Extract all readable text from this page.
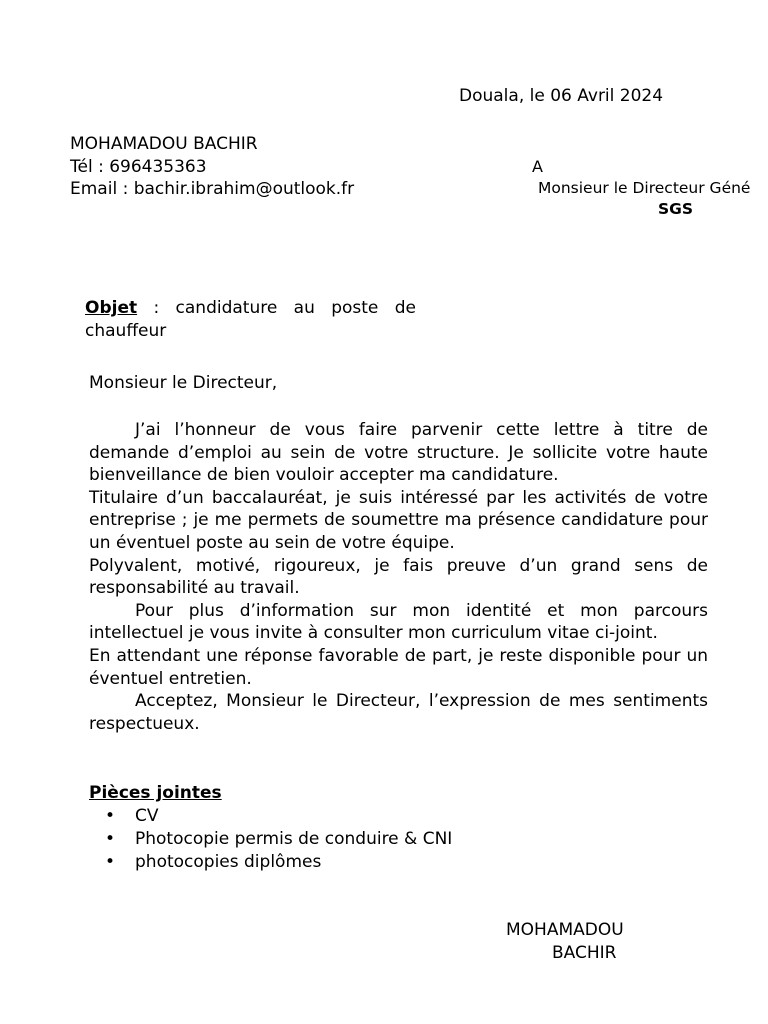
Douala, le 06 Avril 2024
MOHAMADOU BACHIR
Tél : 696435363
Email : bachir.ibrahim@outlook.fr
A
Monsieur le Directeur Géné
SGS
Objet : candidature au poste de chauffeur
Monsieur le Directeur,

J’ai l’honneur de vous faire parvenir cette lettre à titre de demande d’emploi au sein de votre structure. Je sollicite votre haute bienveillance de bien vouloir accepter ma candidature.

Titulaire d’un baccalauréat, je suis intéressé par les activités de votre entreprise ; je me permets de soumettre ma présence candidature pour un éventuel poste au sein de votre équipe.

Polyvalent, motivé, rigoureux, je fais preuve d’un grand sens de responsabilité au travail.

Pour plus d’information sur mon identité et mon parcours intellectuel je vous invite à consulter mon curriculum vitae ci-joint.

En attendant une réponse favorable de part, je reste disponible pour un éventuel entretien.

Acceptez, Monsieur le Directeur, l’expression de mes sentiments respectueux.

Pièces jointes
• CV
• Photocopie permis de conduire & CNI
• photocopies diplômes
MOHAMADOU
BACHIR
